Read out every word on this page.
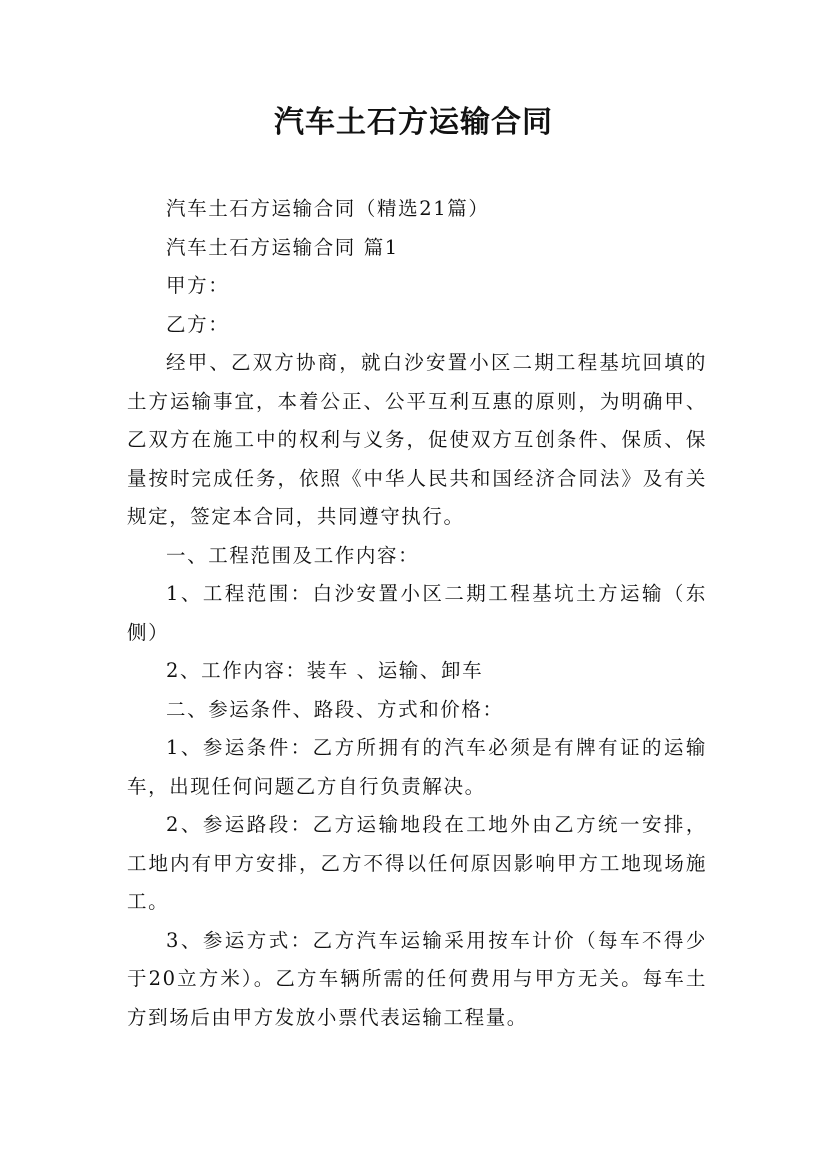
汽车土石方运输合同

汽车土石方运输合同（精选21篇）

汽车土石方运输合同 篇1

甲方：

乙方：

经甲、乙双方协商，就白沙安置小区二期工程基坑回填的土方运输事宜，本着公正、公平互利互惠的原则，为明确甲、乙双方在施工中的权利与义务，促使双方互创条件、保质、保量按时完成任务，依照《中华人民共和国经济合同法》及有关规定，签定本合同，共同遵守执行。

一、工程范围及工作内容：

1、工程范围：白沙安置小区二期工程基坑土方运输（东侧）

2、工作内容：装车 、运输、卸车

二、参运条件、路段、方式和价格：

1、参运条件：乙方所拥有的汽车必须是有牌有证的运输车，出现任何问题乙方自行负责解决。

2、参运路段：乙方运输地段在工地外由乙方统一安排，工地内有甲方安排，乙方不得以任何原因影响甲方工地现场施工。

3、参运方式：乙方汽车运输采用按车计价（每车不得少于20立方米）。乙方车辆所需的任何费用与甲方无关。每车土方到场后由甲方发放小票代表运输工程量。
